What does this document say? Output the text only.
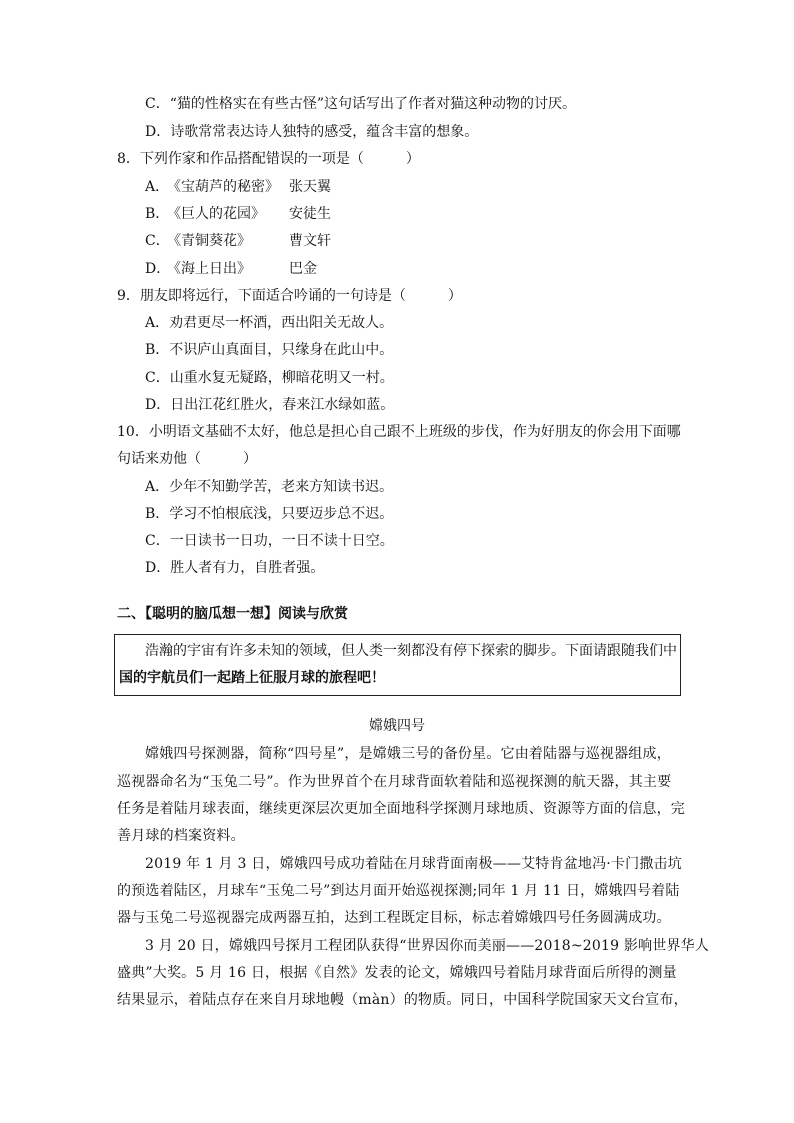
C．“猫的性格实在有些古怪”这句话写出了作者对猫这种动物的讨厌。
D．诗歌常常表达诗人独特的感受，蕴含丰富的想象。
8．下列作家和作品搭配错误的一项是（　　　）
A．《宝葫芦的秘密》 张天翼
B．《巨人的花园》 安徒生
C．《青铜葵花》	曹文轩
D．《海上日出》	巴金
9．朋友即将远行，下面适合吟诵的一句诗是（　　　）
A．劝君更尽一杯酒，西出阳关无故人。
B．不识庐山真面目，只缘身在此山中。
C．山重水复无疑路，柳暗花明又一村。
D．日出江花红胜火，春来江水绿如蓝。
10．小明语文基础不太好，他总是担心自己跟不上班级的步伐，作为好朋友的你会用下面哪
句话来劝他（　　　）
A．少年不知勤学苦，老来方知读书迟。
B．学习不怕根底浅，只要迈步总不迟。
C．一日读书一日功，一日不读十日空。
D．胜人者有力，自胜者强。
二、【聪明的脑瓜想一想】阅读与欣赏
浩瀚的宇宙有许多未知的领域，但人类一刻都没有停下探索的脚步。下面请跟随我们中
国的宇航员们一起踏上征服月球的旅程吧！
嫦娥四号
嫦娥四号探测器，简称“四号星”，是嫦娥三号的备份星。它由着陆器与巡视器组成，
巡视器命名为“玉兔二号”。作为世界首个在月球背面软着陆和巡视探测的航天器，其主要
任务是着陆月球表面，继续更深层次更加全面地科学探测月球地质、资源等方面的信息，完
善月球的档案资料。
2019 年 1 月 3 日，嫦娥四号成功着陆在月球背面南极——艾特肯盆地冯·卡门撒击坑
的预选着陆区，月球车“玉兔二号”到达月面开始巡视探测;同年 1 月 11 日，嫦娥四号着陆
器与玉兔二号巡视器完成两器互拍，达到工程既定目标，标志着嫦娥四号任务圆满成功。
3 月 20 日，嫦娥四号探月工程团队获得“世界因你而美丽——2018~2019 影响世界华人
盛典”大奖。5 月 16 日，根据《自然》发表的论文，嫦娥四号着陆月球背面后所得的测量
结果显示，着陆点存在来自月球地幔（màn）的物质。同日，中国科学院国家天文台宣布，
